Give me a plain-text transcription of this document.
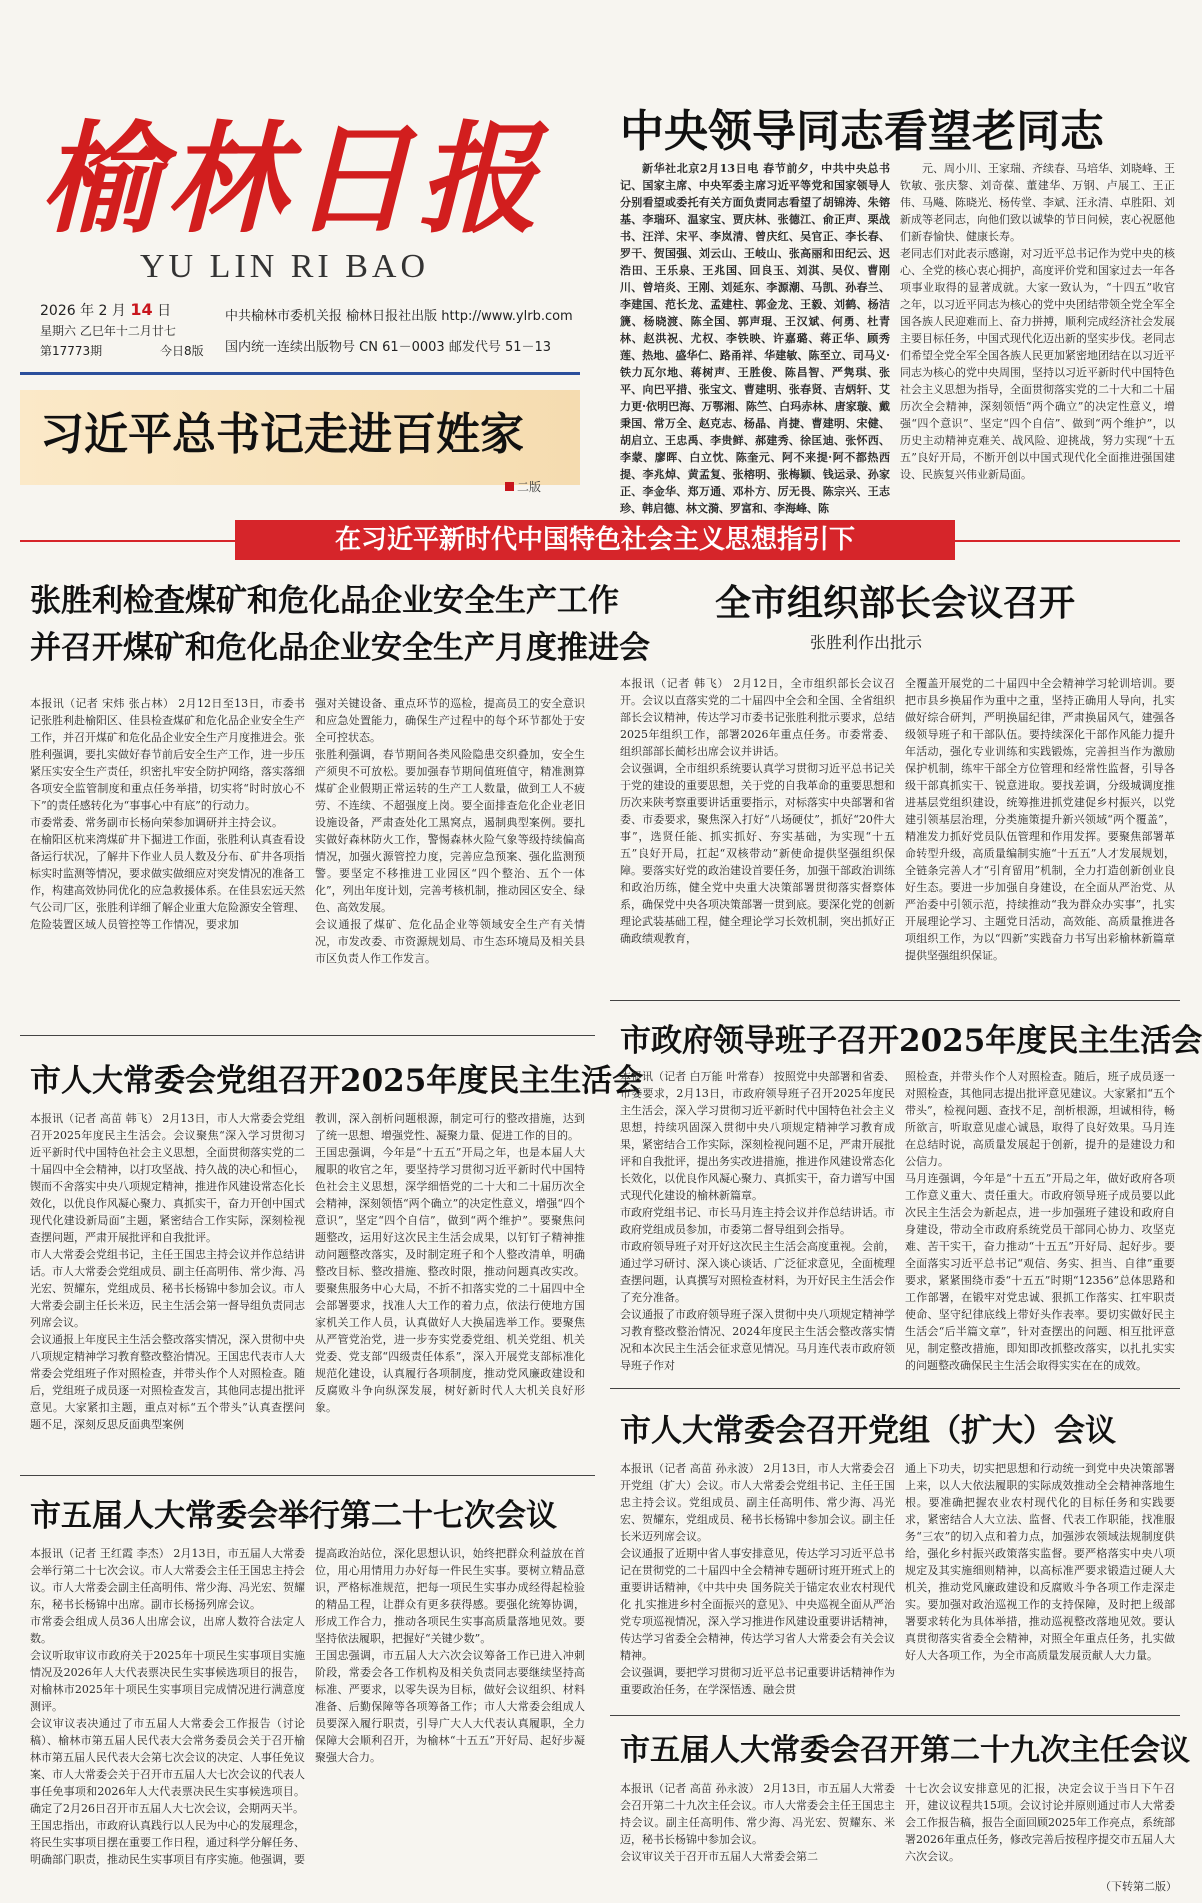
榆林日报
YU LIN RI BAO
2026 年 2 月 14 日
星期六 乙巳年十二月廿七
第17773期	今日8版
中共榆林市委机关报 榆林日报社出版 http://www.ylrb.com
国内统一连续出版物号 CN 61－0003 邮发代号 51－13
习近平总书记走进百姓家
二版
中央领导同志看望老同志

新华社北京2月13日电 春节前夕，中共中央总书记、国家主席、中央军委主席习近平等党和国家领导人分别看望或委托有关方面负责同志看望了胡锦涛、朱镕基、李瑞环、温家宝、贾庆林、张德江、俞正声、栗战书、汪洋、宋平、李岚清、曾庆红、吴官正、李长春、罗干、贺国强、刘云山、王岐山、张高丽和田纪云、迟浩田、王乐泉、王兆国、回良玉、刘淇、吴仪、曹刚川、曾培炎、王刚、刘延东、李源潮、马凯、孙春兰、李建国、范长龙、孟建柱、郭金龙、王毅、刘鹤、杨洁篪、杨晓渡、陈全国、郭声琨、王汉斌、何勇、杜青林、赵洪祝、尤权、李铁映、许嘉璐、蒋正华、顾秀莲、热地、盛华仁、路甬祥、华建敏、陈至立、司马义·铁力瓦尔地、蒋树声、王胜俊、陈昌智、严隽琪、张平、向巴平措、张宝文、曹建明、张春贤、吉炳轩、艾力更·依明巴海、万鄂湘、陈竺、白玛赤林、唐家璇、戴秉国、常万全、赵克志、杨晶、肖捷、曹建明、宋健、胡启立、王忠禹、李贵鲜、郝建秀、徐匡迪、张怀西、李蒙、廖晖、白立忱、陈奎元、阿不来提·阿不都热西提、李兆焯、黄孟复、张榕明、张梅颖、钱运录、孙家正、李金华、郑万通、邓朴方、厉无畏、陈宗兴、王志珍、韩启德、林文漪、罗富和、李海峰、陈

元、周小川、王家瑞、齐续春、马培华、刘晓峰、王钦敏、张庆黎、刘奇葆、董建华、万钢、卢展工、王正伟、马飚、陈晓光、杨传堂、李斌、汪永清、卓胜阳、刘新成等老同志，向他们致以诚挚的节日问候，衷心祝愿他们新春愉快、健康长寿。
老同志们对此表示感谢，对习近平总书记作为党中央的核心、全党的核心衷心拥护，高度评价党和国家过去一年各项事业取得的显著成就。大家一致认为，“十四五”收官之年，以习近平同志为核心的党中央团结带领全党全军全国各族人民迎难而上、奋力拼搏，顺利完成经济社会发展主要目标任务，中国式现代化迈出新的坚实步伐。老同志们希望全党全军全国各族人民更加紧密地团结在以习近平同志为核心的党中央周围，坚持以习近平新时代中国特色社会主义思想为指导，全面贯彻落实党的二十大和二十届历次全会精神，深刻领悟“两个确立”的决定性意义，增强“四个意识”、坚定“四个自信”、做到“两个维护”，以历史主动精神克难关、战风险、迎挑战，努力实现“十五五”良好开局，不断开创以中国式现代化全面推进强国建设、民族复兴伟业新局面。

在习近平新时代中国特色社会主义思想指引下
张胜利检查煤矿和危化品企业安全生产工作
并召开煤矿和危化品企业安全生产月度推进会
本报讯（记者 宋炜 张占林） 2月12日至13日，市委书记张胜利赴榆阳区、佳县检查煤矿和危化品企业安全生产工作，并召开煤矿和危化品企业安全生产月度推进会。张胜利强调，要扎实做好春节前后安全生产工作，进一步压紧压实安全生产责任，织密扎牢安全防护网络，落实落细各项安全监管制度和重点任务举措，切实将“时时放心不下”的责任感转化为“事事心中有底”的行动力。
市委常委、常务副市长杨向荣参加调研并主持会议。
在榆阳区杭来湾煤矿井下掘进工作面，张胜利认真查看设备运行状况，了解井下作业人员人数及分布、矿井各项指标实时监测等情况，要求做实做细应对突发情况的准备工作，构建高效协同优化的应急救援体系。在佳县宏远天然气公司厂区，张胜利详细了解企业重大危险源安全管理、危险装置区域人员管控等工作情况，要求加
强对关键设备、重点环节的巡检，提高员工的安全意识和应急处置能力，确保生产过程中的每个环节都处于安全可控状态。
张胜利强调，春节期间各类风险隐患交织叠加，安全生产须臾不可放松。要加强春节期间值班值守，精准测算煤矿企业假期正常运转的生产工人数量，做到工人不疲劳、不连续、不超强度上岗。要全面排查危化企业老旧设施设备，严肃查处化工黑窝点，遏制典型案例。要扎实做好森林防火工作，警惕森林火险气象等级持续偏高情况，加强火源管控力度，完善应急预案、强化监测预警。要坚定不移推进工业园区“四个整治、五个一体化”，列出年度计划，完善考核机制，推动园区安全、绿色、高效发展。
会议通报了煤矿、危化品企业等领域安全生产有关情况，市发改委、市资源规划局、市生态环境局及相关县市区负责人作工作发言。
全市组织部长会议召开
张胜利作出批示
本报讯（记者 韩飞） 2月12日，全市组织部长会议召开。会议以直落实党的二十届四中全会和全国、全省组织部长会议精神，传达学习市委书记张胜利批示要求，总结2025年组织工作，部署2026年重点任务。市委常委、组织部部长蔺杉出席会议并讲话。
会议强调，全市组织系统要认真学习贯彻习近平总书记关于党的建设的重要思想，关于党的自我革命的重要思想和历次来陕考察重要讲话重要指示，对标落实中央部署和省委、市委要求，聚焦深入打好“八场硬仗”，抓好“20件大事”，选贤任能、抓实抓好、夯实基础，为实现“十五五”良好开局，扛起“双核带动”新使命提供坚强组织保障。要落实好党的政治建设首要任务，加强干部政治训练和政治历练，健全党中央重大决策部署贯彻落实督察体系，确保党中央各项决策部署一贯到底。要深化党的创新理论武装基础工程，健全理论学习长效机制，突出抓好正确政绩观教育，
全覆盖开展党的二十届四中全会精神学习轮训培训。要把市县乡换届作为重中之重，坚持正确用人导向，扎实做好综合研判，严明换届纪律，严肃换届风气，建强各级领导班子和干部队伍。要持续深化干部作风能力提升年活动，强化专业训练和实践锻炼，完善担当作为激励保护机制，练牢干部全方位管理和经常性监督，引导各级干部真抓实干、锐意进取。要找差调，分级城调度推进基层党组织建设，统筹推进抓党建促乡村振兴，以党建引领基层治理，分类施策提升新兴领域“两个覆盖”，精准发力抓好党员队伍管理和作用发挥。要聚焦部署革命转型升级，高质量编制实施“十五五”人才发展规划，全链条完善人才“引育留用”机制，全力打造创新创业良好生态。要进一步加强自身建设，在全面从严治党、从严治委中引领示范，持续推动“我为群众办实事”，扎实开展理论学习、主题党日活动，高效能、高质量推进各项组织工作，为以“四新”实践奋力书写出彩榆林新篇章提供坚强组织保证。
市人大常委会党组召开2025年度民主生活会
本报讯（记者 高苗 韩飞） 2月13日，市人大常委会党组召开2025年度民主生活会。会议聚焦“深入学习贯彻习近平新时代中国特色社会主义思想，全面贯彻落实党的二十届四中全会精神，以打攻坚战、持久战的决心和恒心，锲而不舍落实中央八项规定精神，推进作风建设常态化长效化，以优良作风凝心聚力、真抓实干，奋力开创中国式现代化建设新局面”主题，紧密结合工作实际，深刻检视查摆问题，严肃开展批评和自我批评。
市人大常委会党组书记，主任王国忠主持会议并作总结讲话。市人大常委会党组成员、副主任高明伟、常少海、冯光宏、贺耀东，党组成员、秘书长杨锦中参加会议。市人大常委会副主任长米迈，民主生活会第一督导组负责同志列席会议。
会议通报上年度民主生活会整改落实情况，深入贯彻中央八项规定精神学习教育整改整治情况。王国忠代表市人大常委会党组班子作对照检查，并带头作个人对照检查。随后，党组班子成员逐一对照检查发言，其他同志提出批评意见。大家紧扣主题，重点对标“五个带头”认真查摆问题不足，深刻反思反面典型案例
教训，深入剖析问题根源，制定可行的整改措施，达到了统一思想、增强党性、凝聚力量、促进工作的目的。
王国忠强调，今年是“十五五”开局之年，也是本届人大履职的收官之年，要坚持学习贯彻习近平新时代中国特色社会主义思想，深学细悟党的二十大和二十届历次全会精神，深刻领悟“两个确立”的决定性意义，增强“四个意识”，坚定“四个自信”，做到“两个维护”。要聚焦问题整改，运用好这次民主生活会成果，以钉钉子精神推动问题整改落实，及时制定班子和个人整改清单，明确整改目标、整改措施、整改时限，推动问题真改实改。要聚焦服务中心大局，不折不扣落实党的二十届四中全会部署要求，找准人大工作的着力点，依法行使地方国家机关工作人员，认真做好人大换届选举工作。要聚焦从严管党治党，进一步夯实党委党组、机关党组、机关党委、党支部“四级责任体系”，深入开展党支部标准化规范化建设，认真履行各项制度，推动党风廉政建设和反腐败斗争向纵深发展，树好新时代人大机关良好形象。
市政府领导班子召开2025年度民主生活会
本报讯（记者 白万能 叶常春） 按照党中央部署和省委、市委要求，2月13日，市政府领导班子召开2025年度民主生活会，深入学习贯彻习近平新时代中国特色社会主义思想，持续巩固深入贯彻中央八项规定精神学习教育成果，紧密结合工作实际，深刻检视问题不足，严肃开展批评和自我批评，提出务实改进措施，推进作风建设常态化长效化，以优良作风凝心聚力、真抓实干，奋力谱写中国式现代化建设的榆林新篇章。
市政府党组书记、市长马月连主持会议并作总结讲话。市政府党组成员参加，市委第二督导组到会指导。
市政府领导班子对开好这次民主生活会高度重视。会前，通过学习研讨、深入谈心谈话、广泛征求意见，全面梳理查摆问题，认真撰写对照检查材料，为开好民主生活会作了充分准备。
会议通报了市政府领导班子深入贯彻中央八项规定精神学习教育整改整治情况、2024年度民主生活会整改落实情况和本次民主生活会征求意见情况。马月连代表市政府领导班子作对
照检查，并带头作个人对照检查。随后，班子成员逐一对照检查，其他同志提出批评意见建议。大家紧扣“五个带头”，检视问题、查找不足，剖析根源，坦诚相待，畅所欲言，听取意见虚心诚恳，取得了良好效果。马月连在总结时说，高质量发展起于创新，提升的是建设力和公信力。
马月连强调，今年是“十五五”开局之年，做好政府各项工作意义重大、责任重大。市政府领导班子成员要以此次民主生活会为新起点，进一步加强班子建设和政府自身建设，带动全市政府系统党员干部同心协力、攻坚克难、苦干实干，奋力推动“十五五”开好局、起好步。要全面落实习近平总书记“观信、务实、担当、自律”重要要求，紧紧围绕市委“十五五”时期“12356”总体思路和工作部署，在锻牢对党忠诚、狠抓工作落实、扛牢职责使命、坚守纪律底线上带好头作表率。要切实做好民主生活会“后半篇文章”，针对查摆出的问题、相互批评意见，制定整改措施，即知即改抓整改落实，以扎扎实实的问题整改确保民主生活会取得实实在在的成效。
市人大常委会召开党组（扩大）会议
本报讯（记者 高苗 孙永波） 2月13日，市人大常委会召开党组（扩大）会议。市人大常委会党组书记、主任王国忠主持会议。党组成员、副主任高明伟、常少海、冯光宏、贺耀东，党组成员、秘书长杨锦中参加会议。副主任长米迈列席会议。
会议通报了近期中省人事安排意见，传达学习习近平总书记在贯彻党的二十届四中全会精神专题研讨班开班式上的重要讲话精神，《中共中央 国务院关于锚定农业农村现代化 扎实推进乡村全面振兴的意见》、中央巡视全面从严治党专项巡视情况，深入学习推进作风建设重要讲话精神，传达学习省委全会精神，传达学习省人大常委会有关会议精神。
会议强调，要把学习贯彻习近平总书记重要讲话精神作为重要政治任务，在学深悟透、融会贯
通上下功夫，切实把思想和行动统一到党中央决策部署上来，以人大依法履职的实际成效推动全会精神落地生根。要准确把握农业农村现代化的目标任务和实践要求，紧密结合人大立法、监督、代表工作职能，找准服务“三农”的切入点和着力点，加强涉农领域法规制度供给，强化乡村振兴政策落实监督。要严格落实中央八项规定及其实施细则精神，以高标准严要求锻造过硬人大机关，推动党风廉政建设和反腐败斗争各项工作走深走实。要加强对政治巡视工作的支持保障，及时把上级部署要求转化为具体举措，推动巡视整改落地见效。要认真贯彻落实省委全会精神，对照全年重点任务，扎实做好人大各项工作，为全市高质量发展贡献人大力量。
市五届人大常委会举行第二十七次会议
本报讯（记者 王红霞 李杰） 2月13日，市五届人大常委会举行第二十七次会议。市人大常委会主任王国忠主持会议。市人大常委会副主任高明伟、常少海、冯光宏、贺耀东，秘书长杨锦中出席。副市长杨扬列席会议。
市常委会组成人员36人出席会议，出席人数符合法定人数。
会议听取审议市政府关于2025年十项民生实事项目实施情况及2026年人大代表票决民生实事候选项目的报告，对榆林市2025年十项民生实事项目完成情况进行满意度测评。
会议审议表决通过了市五届人大常委会工作报告（讨论稿）、榆林市第五届人民代表大会常务委员会关于召开榆林市第五届人民代表大会第七次会议的决定、人事任免议案、市人大常委会关于召开市五届人大七次会议的代表人事任免事项和2026年人大代表票决民生实事候选项目。确定了2月26日召开市五届人大七次会议，会期两天半。
王国忠指出，市政府认真践行以人民为中心的发展理念，将民生实事项目摆在重要工作日程，通过科学分解任务、明确部门职责，推动民生实事项目有序实施。他强调，要
提高政治站位，深化思想认识，始终把群众利益放在首位，用心用情用力办好每一件民生实事。要树立精品意识，严格标准规范，把每一项民生实事办成经得起检验的精品工程，让群众有更多获得感。要强化统筹协调，形成工作合力，推动各项民生实事高质量落地见效。要坚持依法履职，把握好“关键少数”。
王国忠强调，市五届人大六次会议筹备工作已进入冲刺阶段，常委会各工作机构及相关负责同志要继续坚持高标准、严要求，以零失误为目标，做好会议组织、材料准备、后勤保障等各项筹备工作；市人大常委会组成人员要深入履行职责，引导广大人大代表认真履职，全力保障大会顺利召开，为榆林“十五五”开好局、起好步凝聚强大合力。	市五届人大常委会召开第二十九次主任会议
本报讯（记者 高苗 孙永波） 2月13日，市五届人大常委会召开第二十九次主任会议。市人大常委会主任王国忠主持会议。副主任高明伟、常少海、冯光宏、贺耀东、米迈，秘书长杨锦中参加会议。
会议审议关于召开市五届人大常委会第二
十七次会议安排意见的汇报，决定会议于当日下午召开，建议议程共15项。会议讨论并原则通过市人大常委会工作报告稿，报告全面回顾2025年工作亮点，系统部署2026年重点任务，修改完善后按程序提交市五届人大六次会议。
（下转第二版）
